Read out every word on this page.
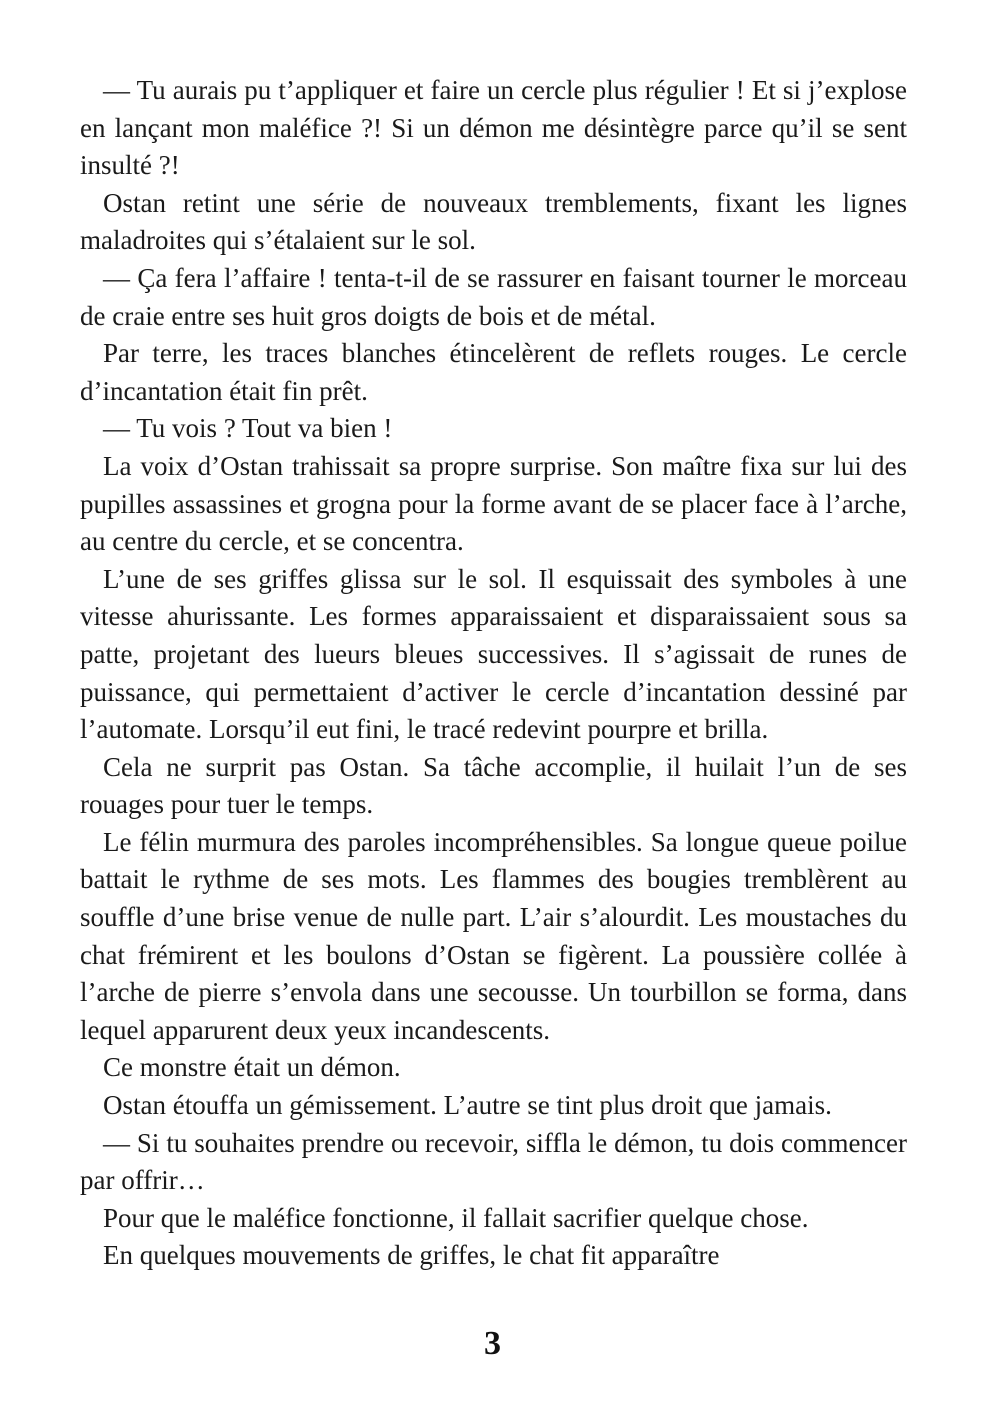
— Tu aurais pu t’appliquer et faire un cercle plus régulier ! Et si j’explose en lançant mon maléfice ?! Si un démon me désintègre parce qu’il se sent insulté ?!

Ostan retint une série de nouveaux tremblements, fixant les lignes maladroites qui s’étalaient sur le sol.

— Ça fera l’affaire ! tenta-t-il de se rassurer en faisant tourner le morceau de craie entre ses huit gros doigts de bois et de métal.

Par terre, les traces blanches étincelèrent de reflets rouges. Le cercle d’incantation était fin prêt.

— Tu vois ? Tout va bien !

La voix d’Ostan trahissait sa propre surprise. Son maître fixa sur lui des pupilles assassines et grogna pour la forme avant de se placer face à l’arche, au centre du cercle, et se concentra.

L’une de ses griffes glissa sur le sol. Il esquissait des symboles à une vitesse ahurissante. Les formes apparaissaient et disparaissaient sous sa patte, projetant des lueurs bleues successives. Il s’agissait de runes de puissance, qui permettaient d’activer le cercle d’incantation dessiné par l’automate. Lorsqu’il eut fini, le tracé redevint pourpre et brilla.

Cela ne surprit pas Ostan. Sa tâche accomplie, il huilait l’un de ses rouages pour tuer le temps.

Le félin murmura des paroles incompréhensibles. Sa longue queue poilue battait le rythme de ses mots. Les flammes des bougies tremblèrent au souffle d’une brise venue de nulle part. L’air s’alourdit. Les moustaches du chat frémirent et les boulons d’Ostan se figèrent. La poussière collée à l’arche de pierre s’envola dans une secousse. Un tourbillon se forma, dans lequel apparurent deux yeux incandescents.

Ce monstre était un démon.

Ostan étouffa un gémissement. L’autre se tint plus droit que jamais.

— Si tu souhaites prendre ou recevoir, siffla le démon, tu dois commencer par offrir…

Pour que le maléfice fonctionne, il fallait sacrifier quelque chose.

En quelques mouvements de griffes, le chat fit apparaître

3
